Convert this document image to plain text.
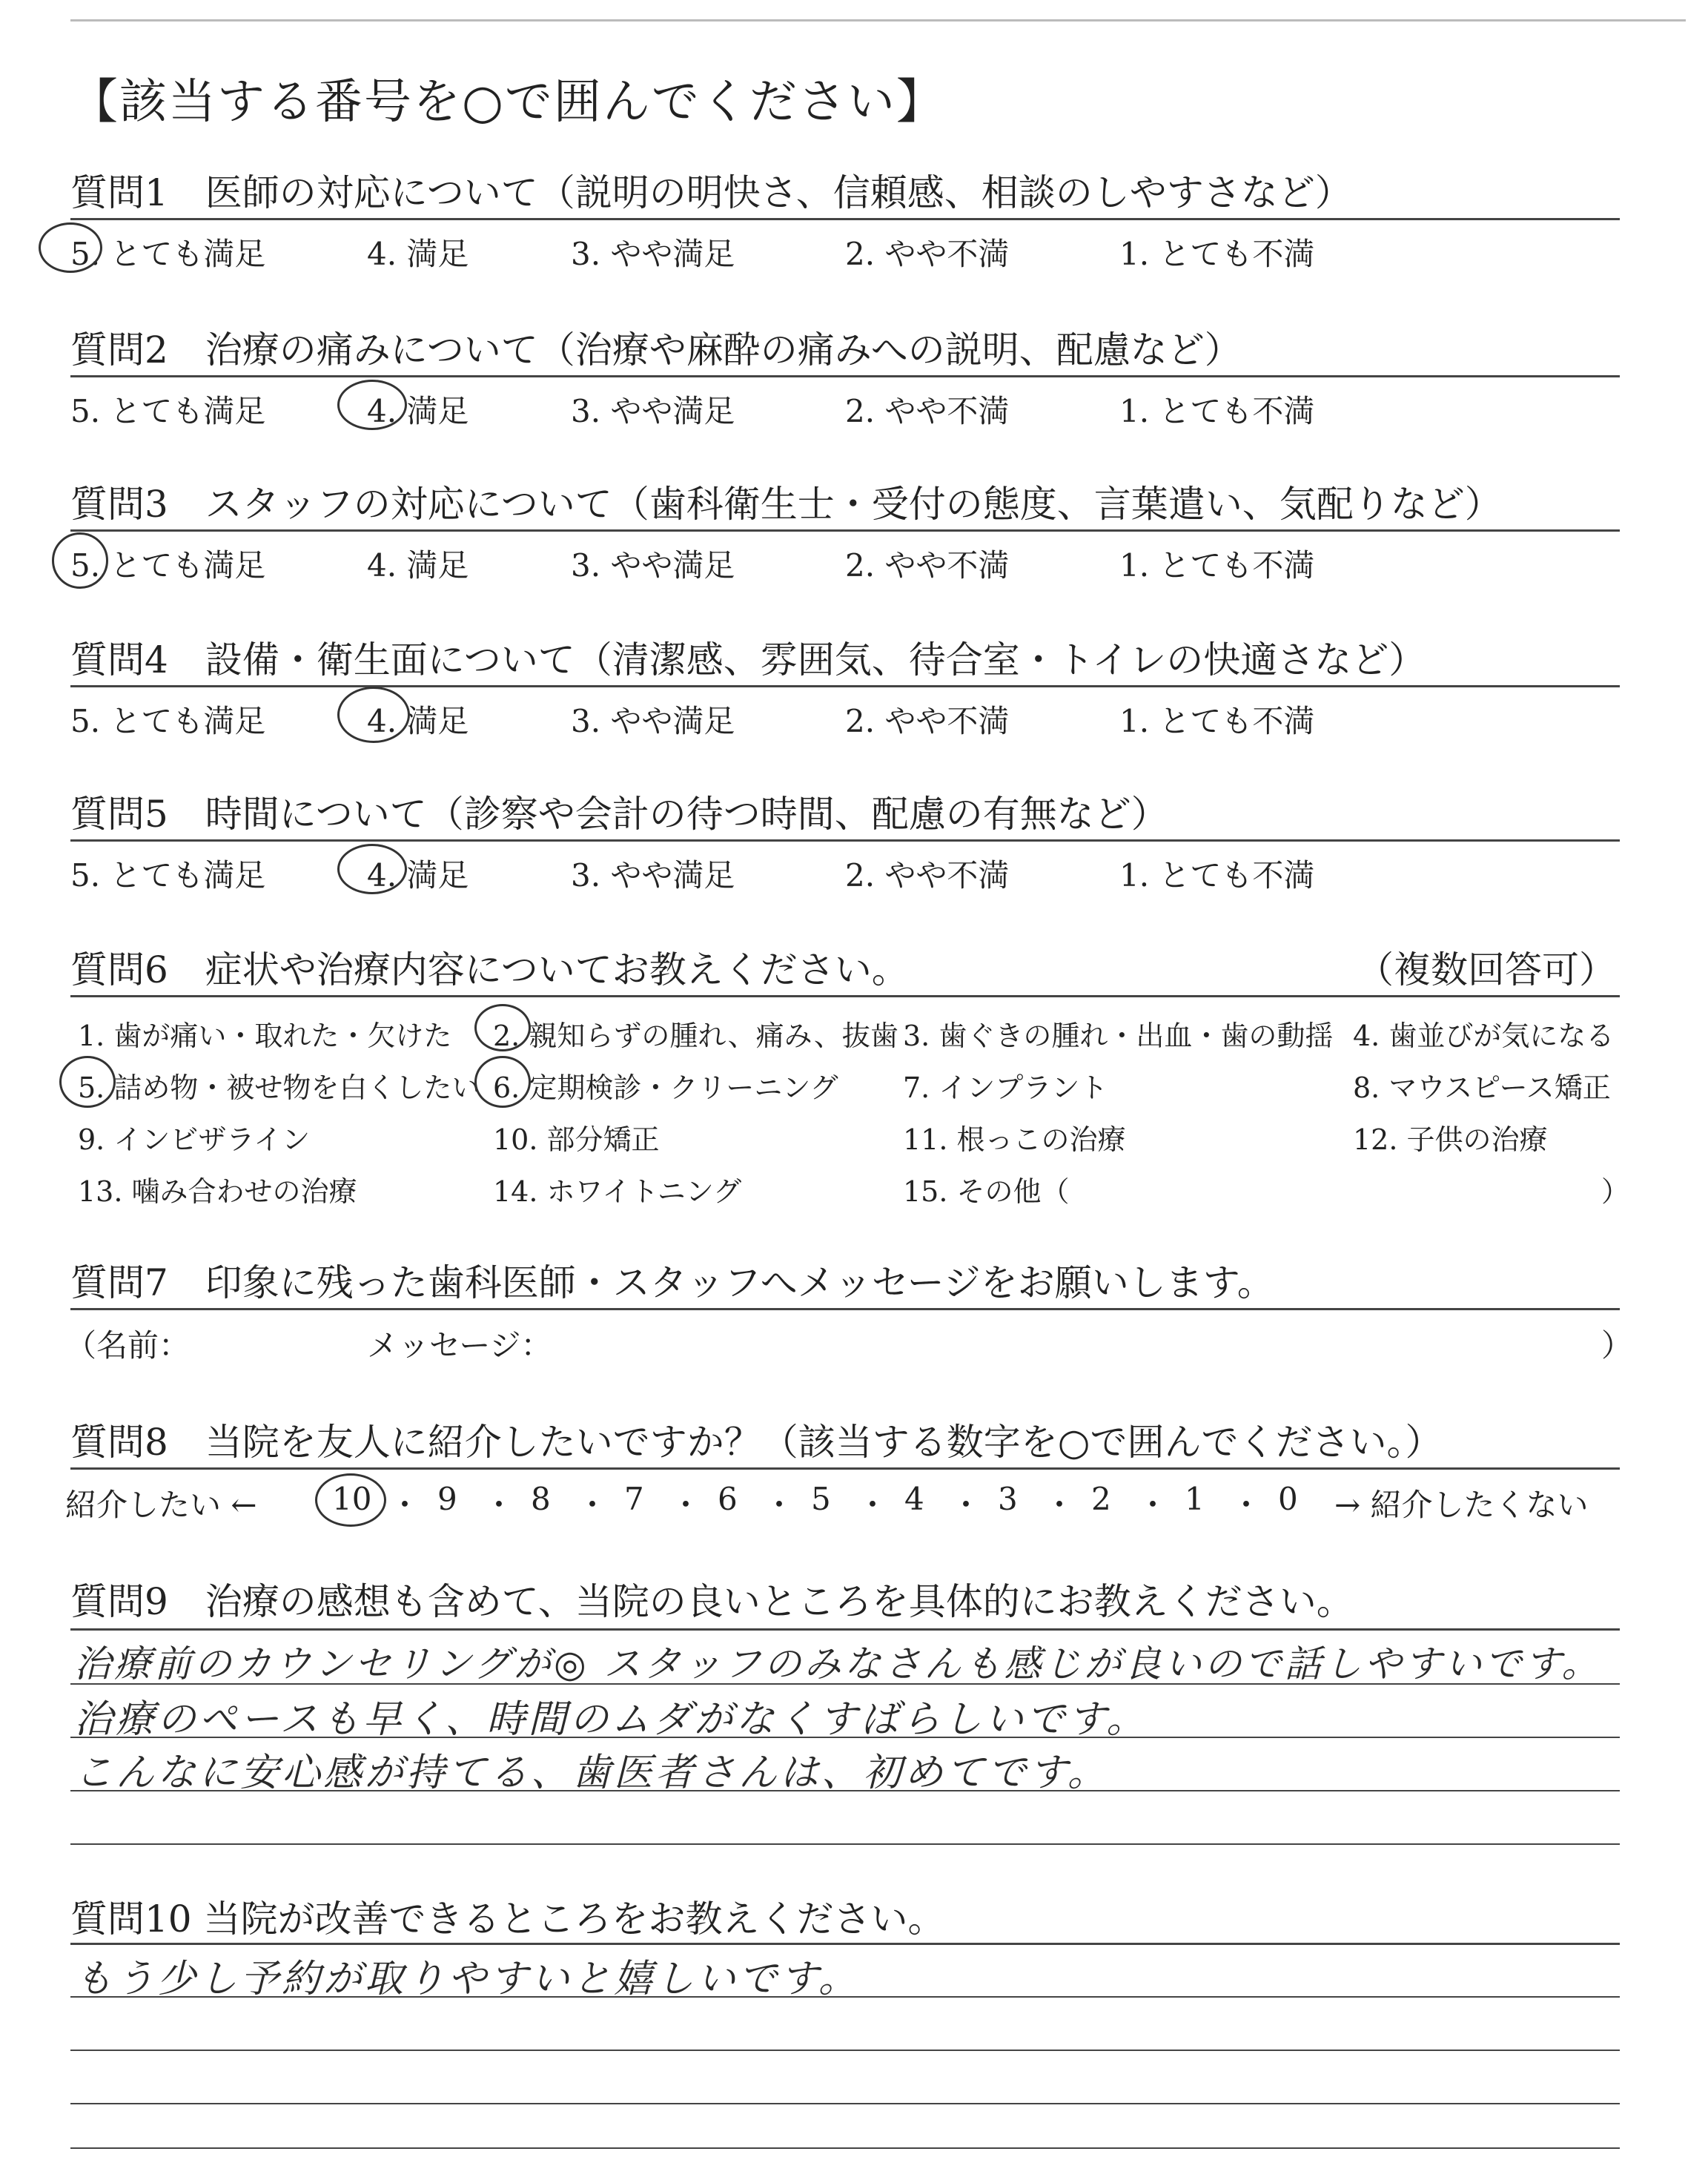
【該当する番号を○で囲んでください】
質問1　医師の対応について（説明の明快さ、信頼感、相談のしやすさなど）
5. とても満足	4. 満足	3. やや満足	2. やや不満	1. とても不満
質問2　治療の痛みについて（治療や麻酔の痛みへの説明、配慮など）
5. とても満足	4. 満足	3. やや満足	2. やや不満	1. とても不満
質問3　スタッフの対応について（歯科衛生士・受付の態度、言葉遣い、気配りなど）
5. とても満足	4. 満足	3. やや満足	2. やや不満	1. とても不満
質問4　設備・衛生面について（清潔感、雰囲気、待合室・トイレの快適さなど）
5. とても満足	4. 満足	3. やや満足	2. やや不満	1. とても不満
質問5　時間について（診察や会計の待つ時間、配慮の有無など）
5. とても満足	4. 満足	3. やや満足	2. やや不満	1. とても不満
質問6　症状や治療内容についてお教えください。	（複数回答可）
1. 歯が痛い・取れた・欠けた 2. 親知らずの腫れ、痛み、抜歯 3. 歯ぐきの腫れ・出血・歯の動揺 4. 歯並びが気になる
5. 詰め物・被せ物を白くしたい 6. 定期検診・クリーニング 7. インプラント	8. マウスピース矯正
9. インビザライン	10. 部分矯正	11. 根っこの治療	12. 子供の治療
13. 噛み合わせの治療	14. ホワイトニング	15. その他（	）
質問7　印象に残った歯科医師・スタッフへメッセージをお願いします。
（名前：	メッセージ：	）
質問8　当院を友人に紹介したいですか？（該当する数字を○で囲んでください。）
紹介したい ← 10 ・ 9 ・ 8 ・ 7 ・ 6 ・ 5 ・ 4 ・ 3 ・ 2 ・ 1 ・ 0 → 紹介したくない
質問9　治療の感想も含めて、当院の良いところを具体的にお教えください。
治療前のカウンセリングが◎ スタッフのみなさんも感じが良いので話しやすいです。
治療のペースも早く、時間のムダがなくすばらしいです。
こんなに安心感が持てる、歯医者さんは、初めてです。
質問10 当院が改善できるところをお教えください。
もう少し予約が取りやすいと嬉しいです。
